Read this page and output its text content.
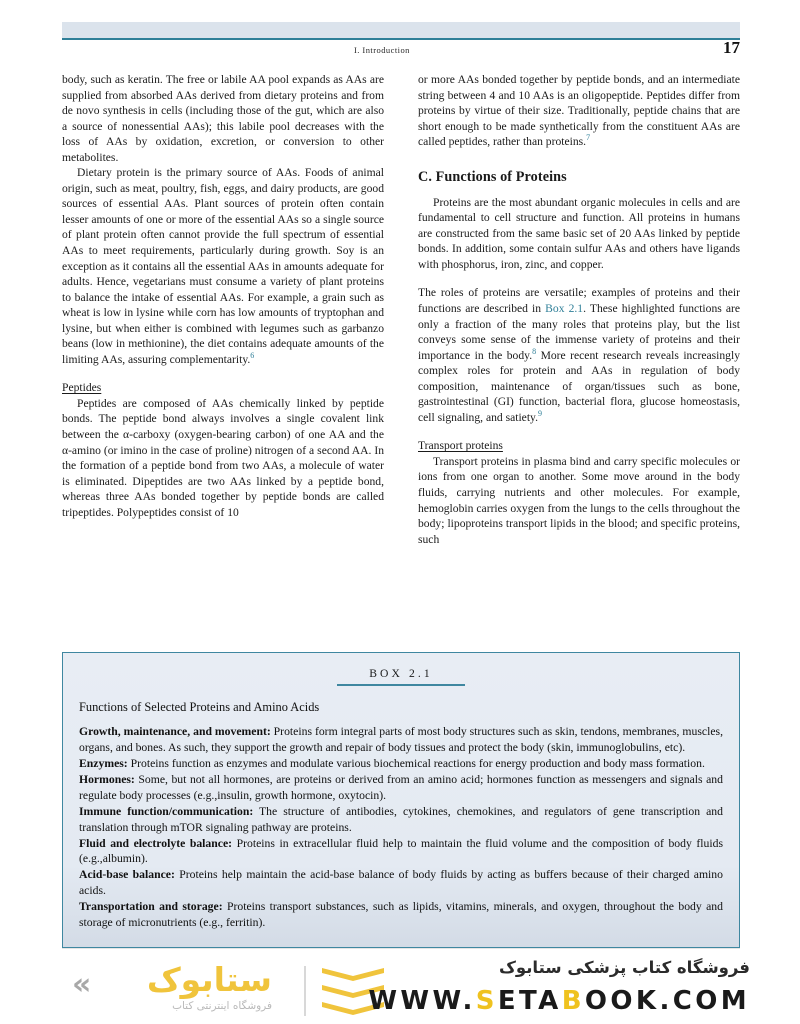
I. Introduction	17

body, such as keratin. The free or labile AA pool expands as AAs are supplied from absorbed AAs derived from dietary proteins and from de novo synthesis in cells (including those of the gut, which are also a source of nonessential AAs); this labile pool decreases with the loss of AAs by oxidation, excretion, or conversion to other metabolites.

Dietary protein is the primary source of AAs. Foods of animal origin, such as meat, poultry, fish, eggs, and dairy products, are good sources of essential AAs. Plant sources of protein often contain lesser amounts of one or more of the essential AAs so a single source of plant protein often cannot provide the full spectrum of essential AAs to meet requirements, particularly during growth. Soy is an exception as it contains all the essential AAs in amounts adequate for adults. Hence, vegetarians must consume a variety of plant proteins to balance the intake of essential AAs. For example, a grain such as wheat is low in lysine while corn has low amounts of tryptophan and lysine, but when either is combined with legumes such as garbanzo beans (low in methionine), the diet contains adequate amounts of the limiting AAs, assuring complementarity.$^6$

Peptides

Peptides are composed of AAs chemically linked by peptide bonds. The peptide bond always involves a single covalent link between the α-carboxy (oxygen-bearing carbon) of one AA and the α-amino (or imino in the case of proline) nitrogen of a second AA. In the formation of a peptide bond from two AAs, a molecule of water is eliminated. Dipeptides are two AAs linked by a peptide bond, whereas three AAs bonded together by peptide bonds are called tripeptides. Polypeptides consist of 10

or more AAs bonded together by peptide bonds, and an intermediate string between 4 and 10 AAs is an oligopeptide. Peptides differ from proteins by virtue of their size. Traditionally, peptide chains that are short enough to be made synthetically from the constituent AAs are called peptides, rather than proteins.$^7$

C. Functions of Proteins

Proteins are the most abundant organic molecules in cells and are fundamental to cell structure and function. All proteins in humans are constructed from the same basic set of 20 AAs linked by peptide bonds. In addition, some contain sulfur AAs and others have ligands with phosphorus, iron, zinc, and copper.

The roles of proteins are versatile; examples of proteins and their functions are described in Box 2.1. These highlighted functions are only a fraction of the many roles that proteins play, but the list conveys some sense of the immense variety of proteins and their importance in the body.$^8$ More recent research reveals increasingly complex roles for protein and AAs in regulation of body composition, maintenance of organ/tissues such as bone, gastrointestinal (GI) function, bacterial flora, glucose homeostasis, cell signaling, and satiety.$^9$

Transport proteins

Transport proteins in plasma bind and carry specific molecules or ions from one organ to another. Some move around in the body fluids, carrying nutrients and other molecules. For example, hemoglobin carries oxygen from the lungs to the cells throughout the body; lipoproteins transport lipids in the blood; and specific proteins, such

BOX 2.1
Functions of Selected Proteins and Amino Acids

Growth, maintenance, and movement: Proteins form integral parts of most body structures such as skin, tendons, membranes, muscles, organs, and bones. As such, they support the growth and repair of body tissues and protect the body (skin, immunoglobulins, etc).

Enzymes: Proteins function as enzymes and modulate various biochemical reactions for energy production and body mass formation.

Hormones: Some, but not all hormones, are proteins or derived from an amino acid; hormones function as messengers and signals and regulate body processes (e.g.,insulin, growth hormone, oxytocin).

Immune function/communication: The structure of antibodies, cytokines, chemokines, and regulators of gene transcription and translation through mTOR signaling pathway are proteins.

Fluid and electrolyte balance: Proteins in extracellular fluid help to maintain the fluid volume and the composition of body fluids (e.g.,albumin).

Acid-base balance: Proteins help maintain the acid-base balance of body fluids by acting as buffers because of their charged amino acids.

Transportation and storage: Proteins transport substances, such as lipids, vitamins, minerals, and oxygen, throughout the body and storage of micronutrients (e.g., ferritin).

«	ستابوک
فروشگاه اینترنتی کتاب
فروشگاه کتاب پزشکی ستابوک
WWW.SETABOOK.COM
